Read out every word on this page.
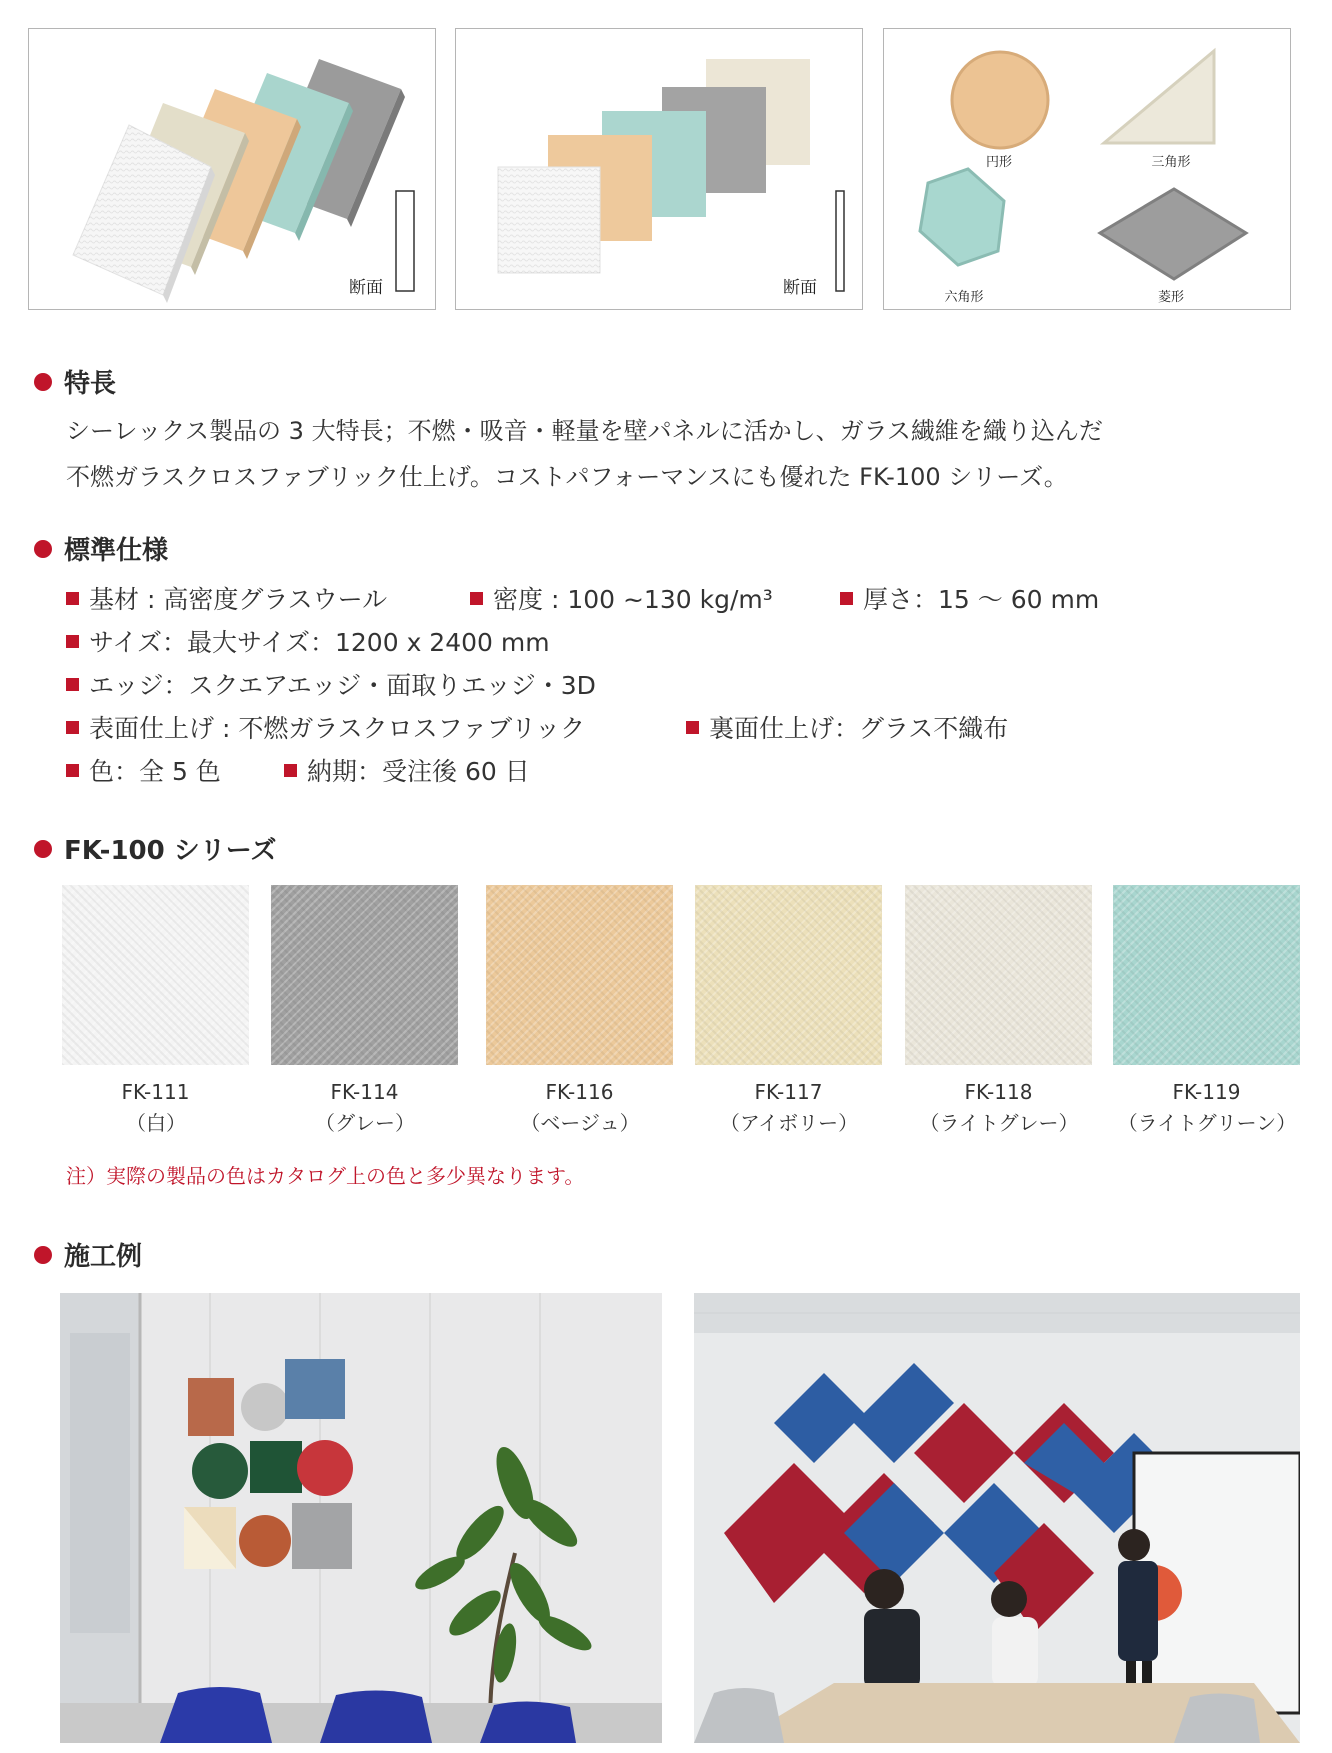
断面	断面
円形	三角形
六角形	菱形
特長
シーレックス製品の 3 大特長；不燃・吸音・軽量を壁パネルに活かし、ガラス繊維を織り込んだ
不燃ガラスクロスファブリック仕上げ。コストパフォーマンスにも優れた FK-100 シリーズ。
標準仕様
基材 : 高密度グラスウール	密度 : 100 ~130 kg/m³	厚さ：15 〜 60 mm
サイズ：最大サイズ：1200 x 2400 mm
エッジ：スクエアエッジ・面取りエッジ・3D
表面仕上げ : 不燃ガラスクロスファブリック	裏面仕上げ：グラス不織布
色：全 5 色	納期：受注後 60 日
FK-100 シリーズ
FK-111
（白）
FK-114
（グレー）
FK-116
（ベージュ）
FK-117
（アイボリー）
FK-118
（ライトグレー）
FK-119
（ライトグリーン）
注）実際の製品の色はカタログ上の色と多少異なります。
施工例
